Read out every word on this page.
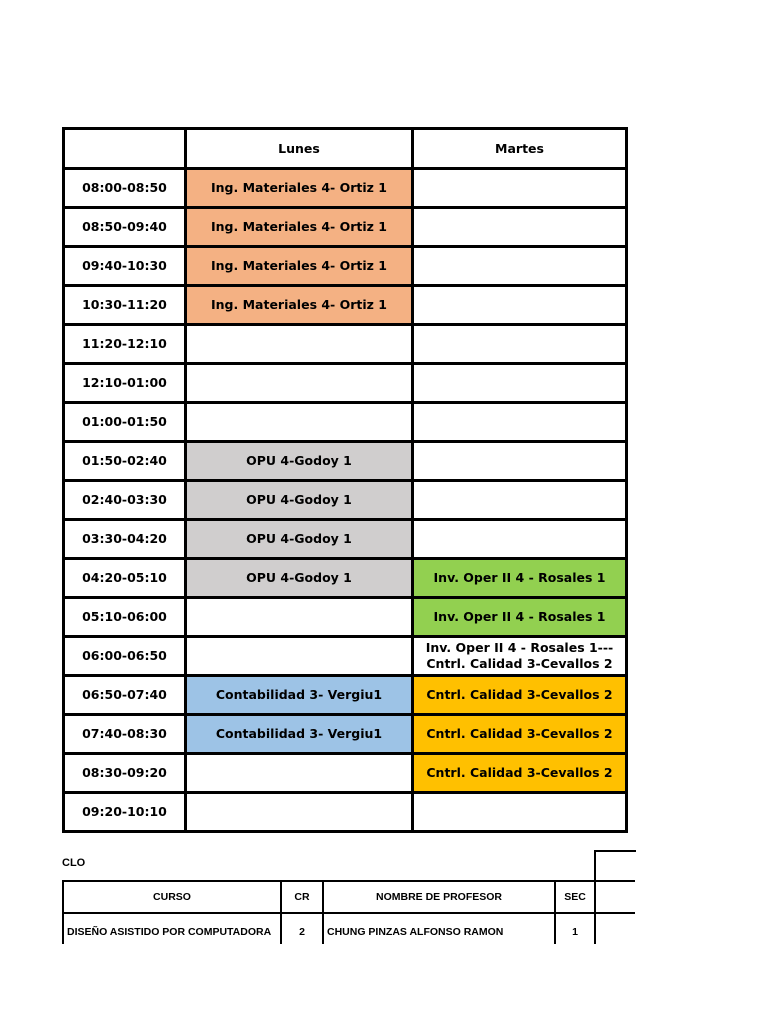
	Lunes	Martes
08:00-08:50	Ing. Materiales 4- Ortiz 1	
08:50-09:40	Ing. Materiales 4- Ortiz 1	
09:40-10:30	Ing. Materiales 4- Ortiz 1	
10:30-11:20	Ing. Materiales 4- Ortiz 1	
11:20-12:10		
12:10-01:00		
01:00-01:50		
01:50-02:40	OPU 4-Godoy 1	
02:40-03:30	OPU 4-Godoy 1	
03:30-04:20	OPU 4-Godoy 1	
04:20-05:10	OPU 4-Godoy 1	Inv. Oper II 4 - Rosales 1
05:10-06:00		Inv. Oper II 4 - Rosales 1
06:00-06:50		Inv. Oper II 4 - Rosales 1---Cntrl. Calidad 3-Cevallos 2
06:50-07:40	Contabilidad 3- Vergiu1	Cntrl. Calidad 3-Cevallos 2
07:40-08:30	Contabilidad 3- Vergiu1	Cntrl. Calidad 3-Cevallos 2
08:30-09:20		Cntrl. Calidad 3-Cevallos 2
09:20-10:10		
CLO
CURSO	CR	NOMBRE DE PROFESOR	SEC	
DISEÑO ASISTIDO POR COMPUTADORA	2	CHUNG PINZAS ALFONSO RAMON	1	
